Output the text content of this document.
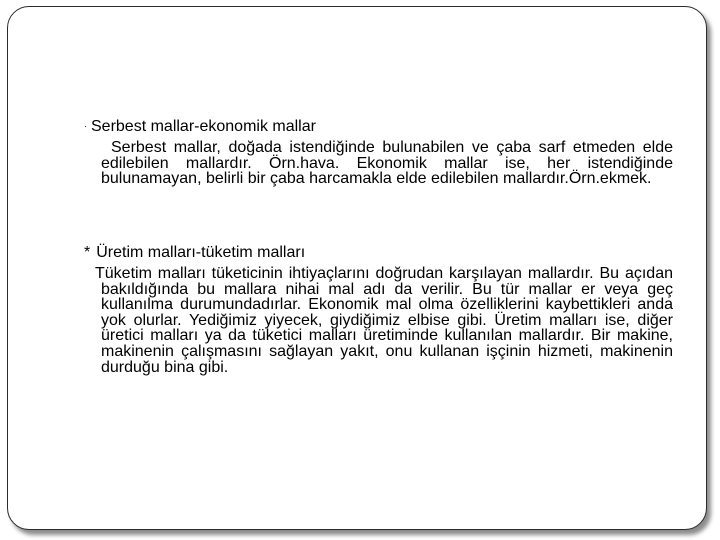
· Serbest mallar-ekonomik mallar
Serbest mallar, doğada istendiğinde bulunabilen ve çaba sarf etmeden elde edilebilen mallardır. Örn.hava. Ekonomik mallar ise, her istendiğinde bulunamayan, belirli bir çaba harcamakla elde edilebilen mallardır.Örn.ekmek.
* Üretim malları-tüketim malları
Tüketim malları tüketicinin ihtiyaçlarını doğrudan karşılayan mallardır. Bu açıdan bakıldığında bu mallara nihai mal adı da verilir. Bu tür mallar er veya geç kullanılma durumundadırlar. Ekonomik mal olma özelliklerini kaybettikleri anda yok olurlar. Yediğimiz yiyecek, giydiğimiz elbise gibi. Üretim malları ise, diğer üretici malları ya da tüketici malları üretiminde kullanılan mallardır. Bir makine, makinenin çalışmasını sağlayan yakıt, onu kullanan işçinin hizmeti, makinenin durduğu bina gibi.
